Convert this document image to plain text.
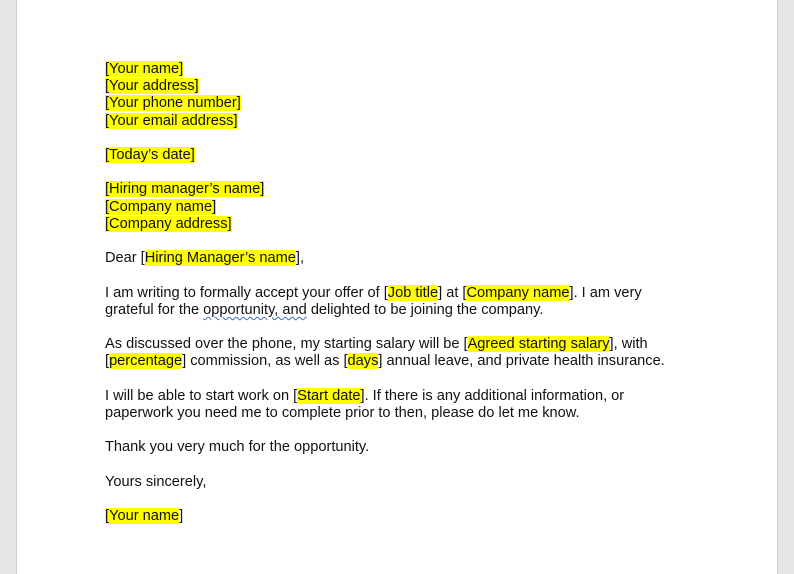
[Your name]
[Your address]
[Your phone number]
[Your email address]
[Today’s date]
[Hiring manager’s name]
[Company name]
[Company address]
Dear [Hiring Manager’s name],
I am writing to formally accept your offer of [Job title] at [Company name]. I am very
grateful for the opportunity, and delighted to be joining the company.
As discussed over the phone, my starting salary will be [Agreed starting salary], with
[percentage] commission, as well as [days] annual leave, and private health insurance.
I will be able to start work on [Start date]. If there is any additional information, or
paperwork you need me to complete prior to then, please do let me know.
Thank you very much for the opportunity.
Yours sincerely,
[Your name]
